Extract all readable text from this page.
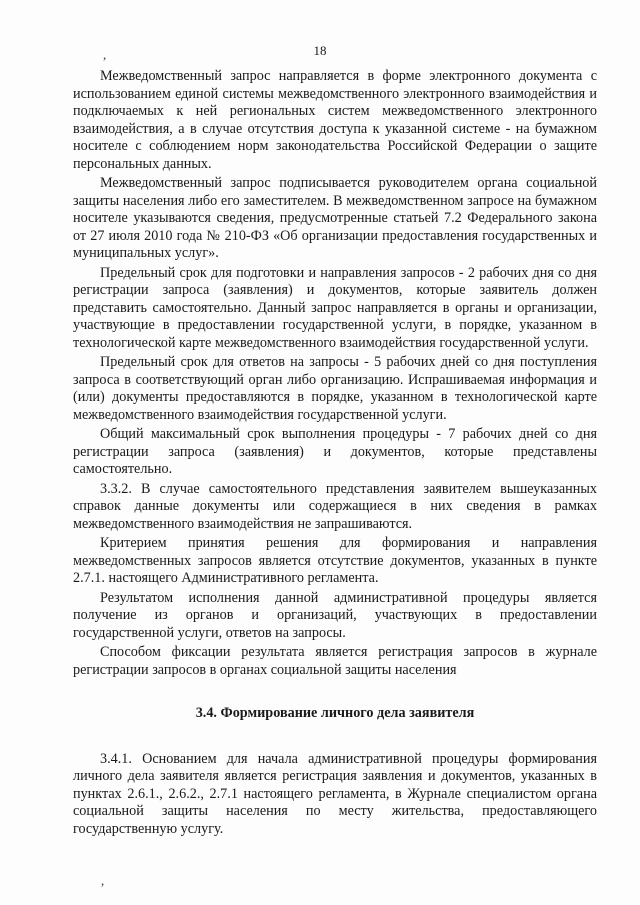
,	18

Межведомственный запрос направляется в форме электронного документа с использованием единой системы межведомственного электронного взаимодействия и подключаемых к ней региональных систем межведомственного электронного взаимодействия, а в случае отсутствия доступа к указанной системе - на бумажном носителе с соблюдением норм законодательства Российской Федерации о защите персональных данных.

Межведомственный запрос подписывается руководителем органа социальной защиты населения либо его заместителем. В межведомственном запросе на бумажном носителе указываются сведения, предусмотренные статьей 7.2 Федерального закона от 27 июля 2010 года № 210-ФЗ «Об организации предоставления государственных и муниципальных услуг».

Предельный срок для подготовки и направления запросов - 2 рабочих дня со дня регистрации запроса (заявления) и документов, которые заявитель должен представить самостоятельно. Данный запрос направляется в органы и организации, участвующие в предоставлении государственной услуги, в порядке, указанном в технологической карте межведомственного взаимодействия государственной услуги.

Предельный срок для ответов на запросы - 5 рабочих дней со дня поступления запроса в соответствующий орган либо организацию. Испрашиваемая информация и (или) документы предоставляются в порядке, указанном в технологической карте межведомственного взаимодействия государственной услуги.

Общий максимальный срок выполнения процедуры - 7 рабочих дней со дня регистрации запроса (заявления) и документов, которые представлены самостоятельно.

3.3.2. В случае самостоятельного представления заявителем вышеуказанных справок данные документы или содержащиеся в них сведения в рамках межведомственного взаимодействия не запрашиваются.

Критерием принятия решения для формирования и направления межведомственных запросов является отсутствие документов, указанных в пункте 2.7.1. настоящего Административного регламента.

Результатом исполнения данной административной процедуры является получение из органов и организаций, участвующих в предоставлении государственной услуги, ответов на запросы.

Способом фиксации результата является регистрация запросов в журнале регистрации запросов в органах социальной защиты населения

3.4. Формирование личного дела заявителя

3.4.1. Основанием для начала административной процедуры формирования личного дела заявителя является регистрация заявления и документов, указанных в пунктах 2.6.1., 2.6.2., 2.7.1 настоящего регламента, в Журнале специалистом органа социальной защиты населения по месту жительства, предоставляющего государственную услугу.

,
